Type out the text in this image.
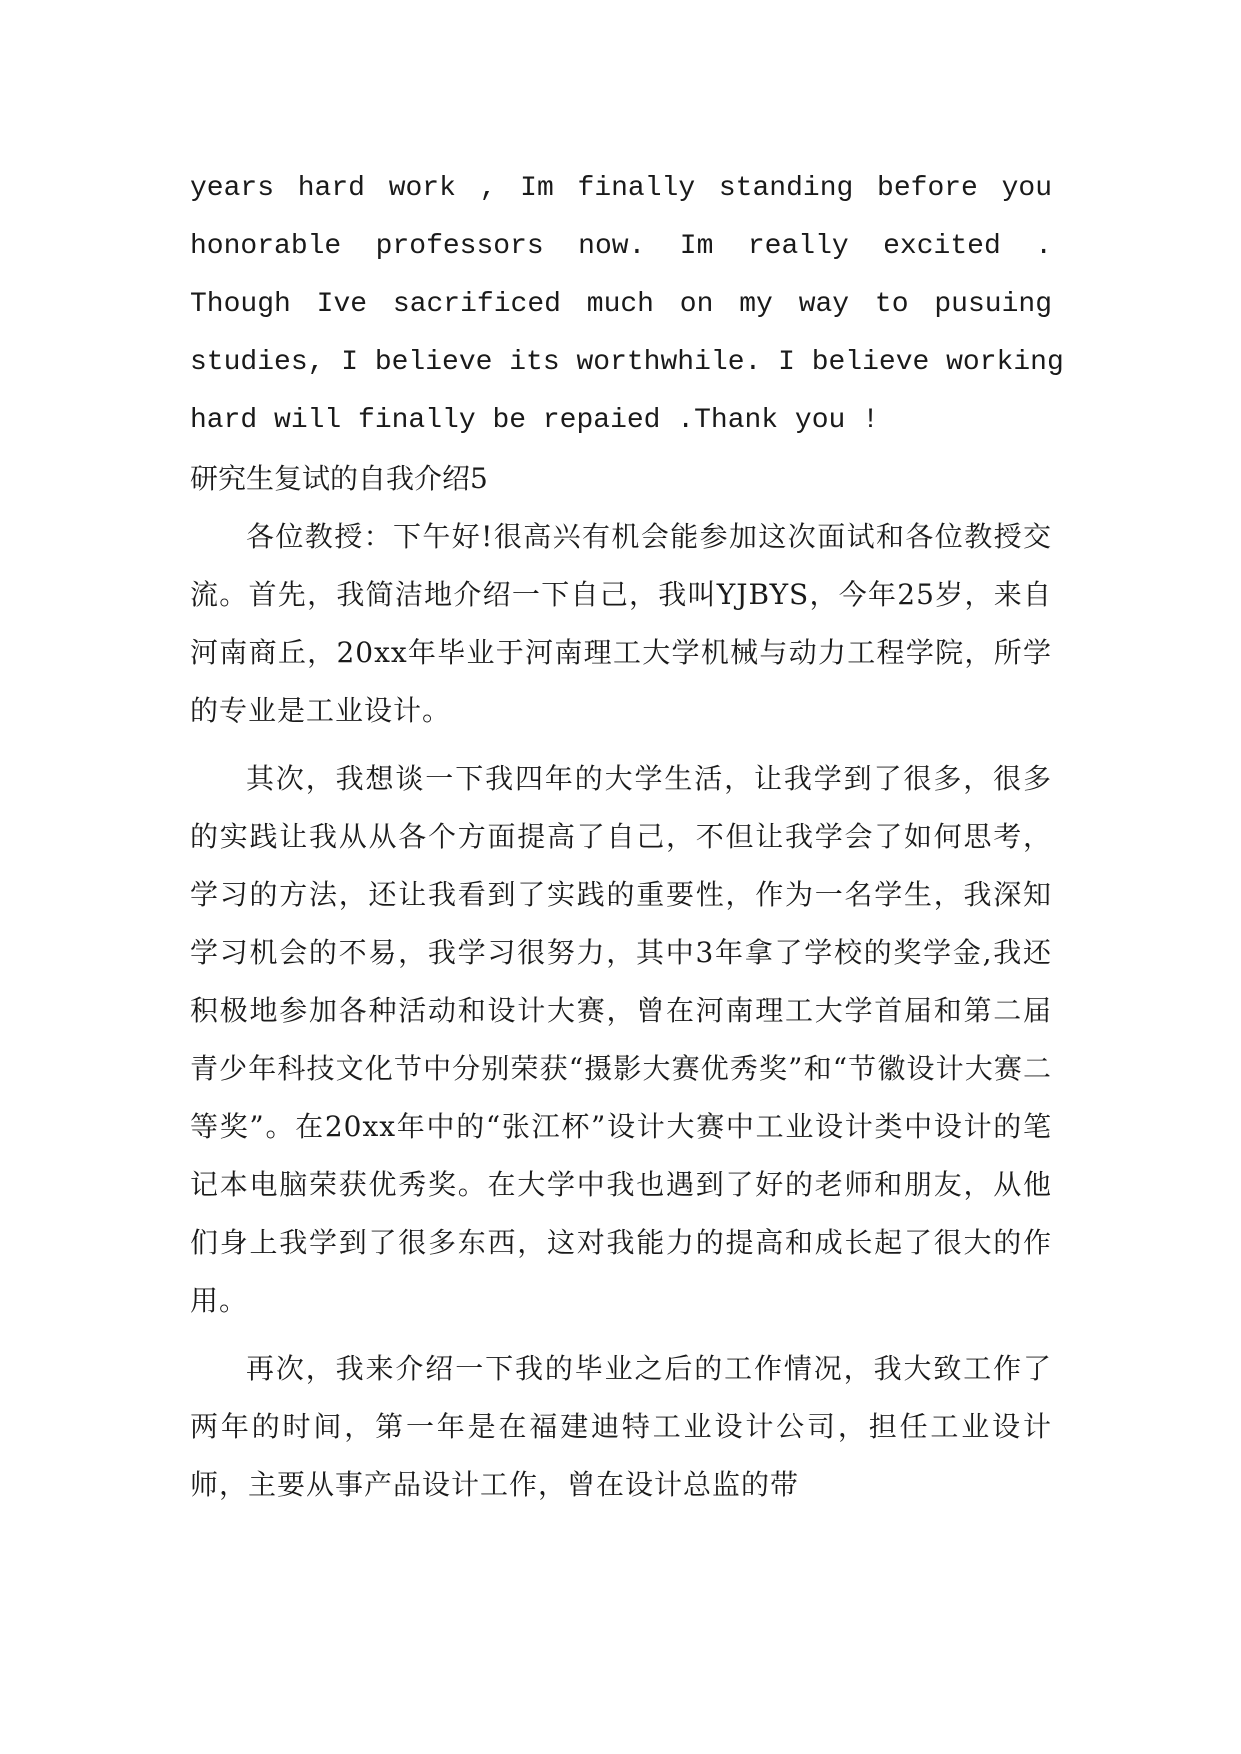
years hard work , Im finally standing before you
honorable professors now. Im really excited .
Though Ive sacrificed much on my way to pusuing
studies, I believe its worthwhile. I believe working
hard will finally be repaied .Thank you !
研究生复试的自我介绍5

各位教授：下午好!很高兴有机会能参加这次面试和各位教授交流。首先，我简洁地介绍一下自己，我叫YJBYS，今年25岁，来自河南商丘，20xx年毕业于河南理工大学机械与动力工程学院，所学的专业是工业设计。

其次，我想谈一下我四年的大学生活，让我学到了很多，很多的实践让我从从各个方面提高了自己，不但让我学会了如何思考，学习的方法，还让我看到了实践的重要性，作为一名学生，我深知学习机会的不易，我学习很努力，其中3年拿了学校的奖学金,我还积极地参加各种活动和设计大赛，曾在河南理工大学首届和第二届青少年科技文化节中分别荣获“摄影大赛优秀奖”和“节徽设计大赛二等奖”。在20xx年中的“张江杯”设计大赛中工业设计类中设计的笔记本电脑荣获优秀奖。在大学中我也遇到了好的老师和朋友，从他们身上我学到了很多东西，这对我能力的提高和成长起了很大的作用。

再次，我来介绍一下我的毕业之后的工作情况，我大致工作了两年的时间，第一年是在福建迪特工业设计公司，担任工业设计师，主要从事产品设计工作，曾在设计总监的带
